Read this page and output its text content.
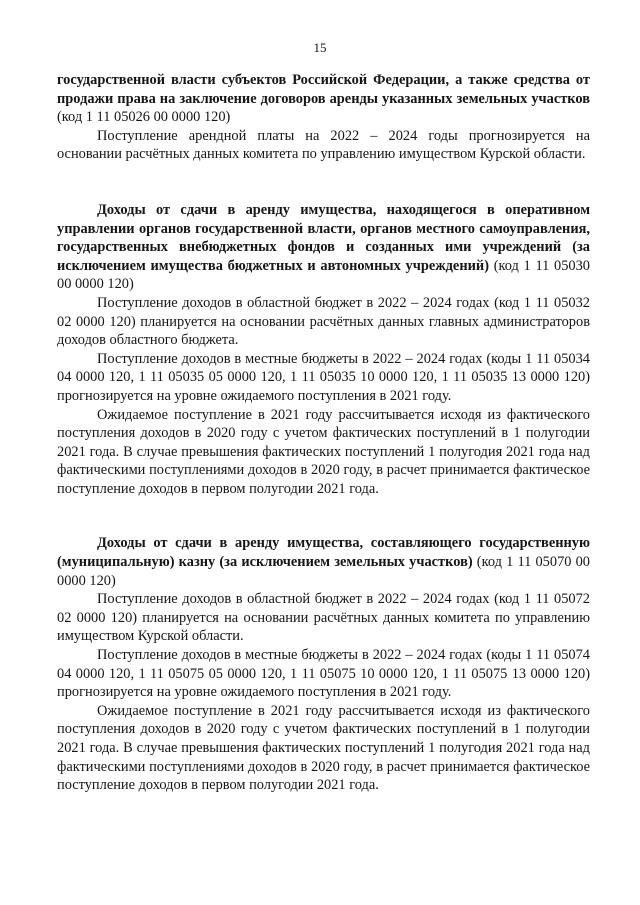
15

государственной власти субъектов Российской Федерации, а также средства от продажи права на заключение договоров аренды указанных земельных участков (код 1 11 05026 00 0000 120)

Поступление арендной платы на 2022 – 2024 годы прогнозируется на основании расчётных данных комитета по управлению имуществом Курской области.

Доходы от сдачи в аренду имущества, находящегося в оперативном управлении органов государственной власти, органов местного самоуправления, государственных внебюджетных фондов и созданных ими учреждений (за исключением имущества бюджетных и автономных учреждений) (код 1 11 05030 00 0000 120)

Поступление доходов в областной бюджет в 2022 – 2024 годах (код 1 11 05032 02 0000 120) планируется на основании расчётных данных главных администраторов доходов областного бюджета.

Поступление доходов в местные бюджеты в 2022 – 2024 годах (коды 1 11 05034 04 0000 120, 1 11 05035 05 0000 120, 1 11 05035 10 0000 120, 1 11 05035 13 0000 120) прогнозируется на уровне ожидаемого поступления в 2021 году.

Ожидаемое поступление в 2021 году рассчитывается исходя из фактического поступления доходов в 2020 году с учетом фактических поступлений в 1 полугодии 2021 года. В случае превышения фактических поступлений 1 полугодия 2021 года над фактическими поступлениями доходов в 2020 году, в расчет принимается фактическое поступление доходов в первом полугодии 2021 года.

Доходы от сдачи в аренду имущества, составляющего государственную (муниципальную) казну (за исключением земельных участков) (код 1 11 05070 00 0000 120)

Поступление доходов в областной бюджет в 2022 – 2024 годах (код 1 11 05072 02 0000 120) планируется на основании расчётных данных комитета по управлению имуществом Курской области.

Поступление доходов в местные бюджеты в 2022 – 2024 годах (коды 1 11 05074 04 0000 120, 1 11 05075 05 0000 120, 1 11 05075 10 0000 120, 1 11 05075 13 0000 120) прогнозируется на уровне ожидаемого поступления в 2021 году.

Ожидаемое поступление в 2021 году рассчитывается исходя из фактического поступления доходов в 2020 году с учетом фактических поступлений в 1 полугодии 2021 года. В случае превышения фактических поступлений 1 полугодия 2021 года над фактическими поступлениями доходов в 2020 году, в расчет принимается фактическое поступление доходов в первом полугодии 2021 года.
